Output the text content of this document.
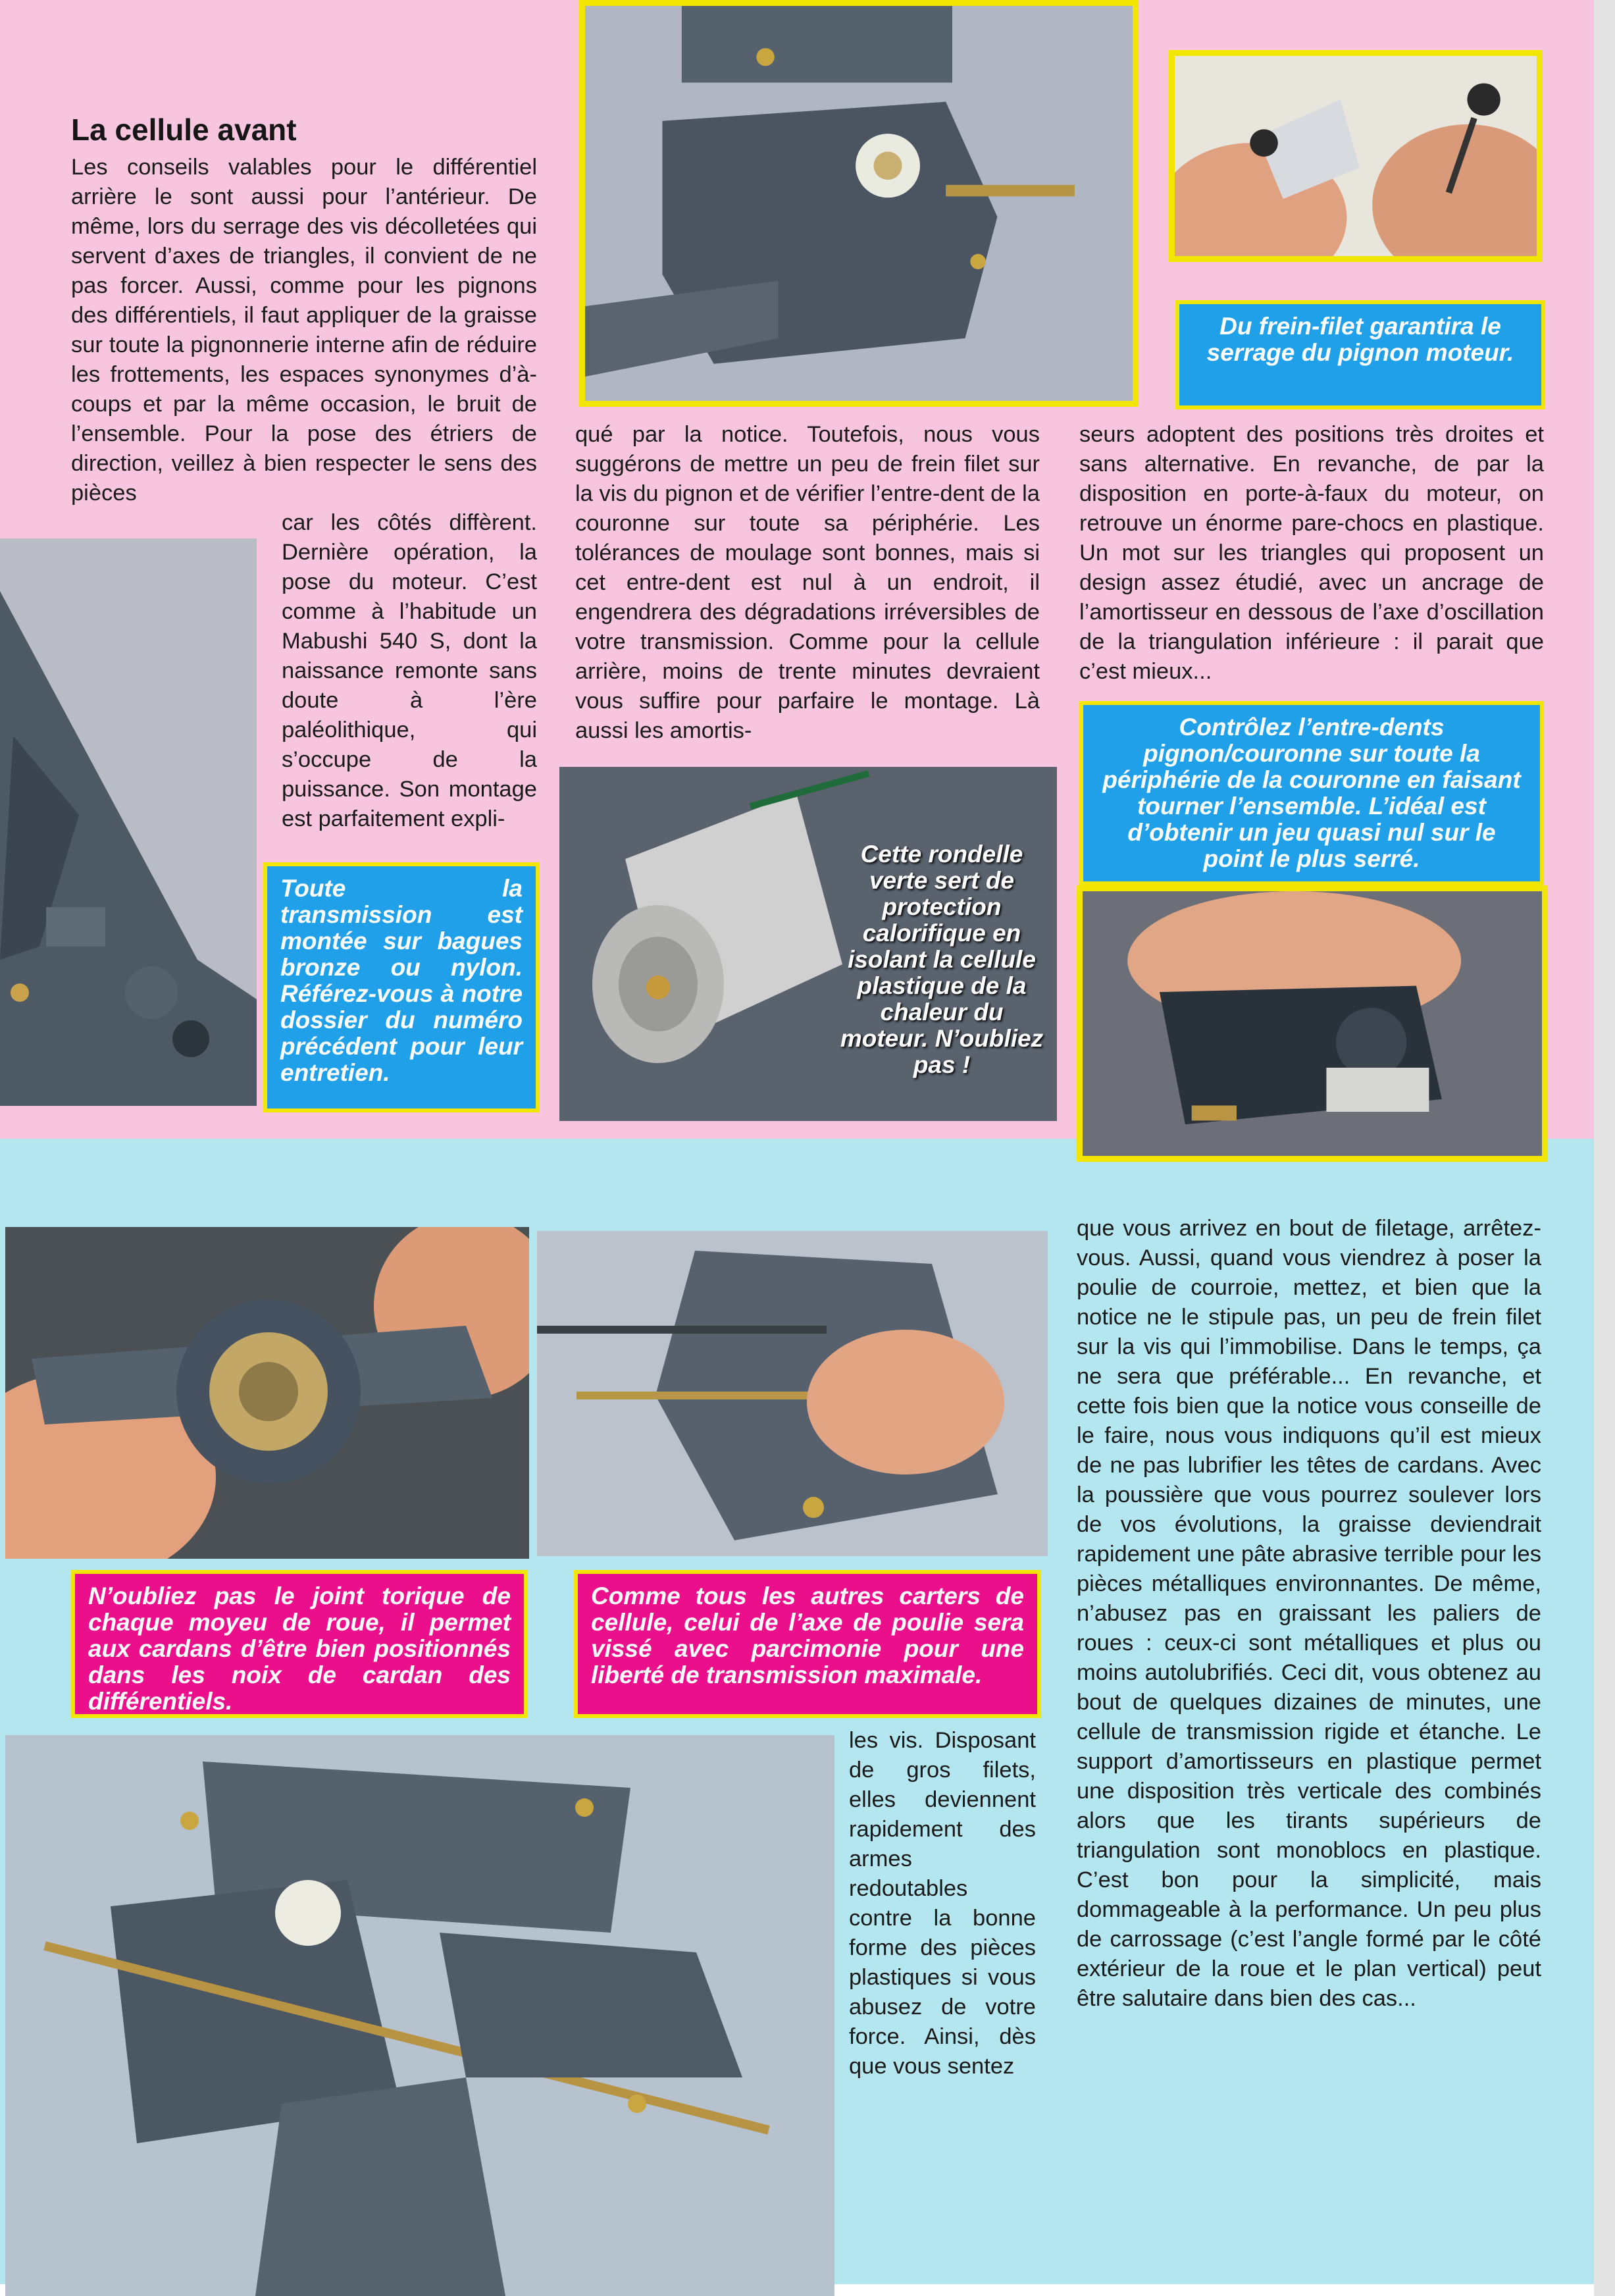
La cellule avant

Les conseils valables pour le différentiel arrière le sont aussi pour l’antérieur. De même, lors du serrage des vis décolletées qui servent d’axes de triangles, il convient de ne pas forcer. Aussi, comme pour les pignons des différentiels, il faut appliquer de la graisse sur toute la pignonnerie interne afin de réduire les frottements, les espaces synonymes d’à-coups et par la même occasion, le bruit de l’ensemble. Pour la pose des étriers de direction, veillez à bien respecter le sens des pièces

car les côtés diffèrent. Dernière opération, la pose du moteur. C’est comme à l’habitude un Mabushi 540 S, dont la naissance remonte sans doute à l’ère paléolithique, qui s’occupe de la puissance. Son montage est parfaitement expli-

Toute la transmission est montée sur bagues bronze ou nylon. Référez-vous à notre dossier du numéro précédent pour leur entretien.
Du frein-filet garantira le serrage du pignon moteur.

qué par la notice. Toutefois, nous vous suggérons de mettre un peu de frein filet sur la vis du pignon et de vérifier l’entre-dent de la couronne sur toute sa périphérie. Les tolérances de moulage sont bonnes, mais si cet entre-dent est nul à un endroit, il engendrera des dégradations irréversibles de votre transmission. Comme pour la cellule arrière, moins de trente minutes devraient vous suffire pour parfaire le montage. Là aussi les amortis-

seurs adoptent des positions très droites et sans alternative. En revanche, de par la disposition en porte-à-faux du moteur, on retrouve un énorme pare-chocs en plastique. Un mot sur les triangles qui proposent un design assez étudié, avec un ancrage de l’amortisseur en dessous de l’axe d’oscillation de la triangulation inférieure : il parait que c’est mieux...

Cette rondelle verte sert de protection calorifique en isolant la cellule plastique de la chaleur du moteur. N’oubliez pas !
Contrôlez l’entre-dents pignon/couronne sur toute la périphérie de la couronne en faisant tourner l’ensemble. L’idéal est d’obtenir un jeu quasi nul sur le point le plus serré.
N’oubliez pas le joint torique de chaque moyeu de roue, il permet aux cardans d’être bien positionnés dans les noix de cardan des différentiels.
Comme tous les autres carters de cellule, celui de l’axe de poulie sera vissé avec parcimonie pour une liberté de transmission maximale.

que vous arrivez en bout de filetage, arrêtez-vous. Aussi, quand vous viendrez à poser la poulie de courroie, mettez, et bien que la notice ne le stipule pas, un peu de frein filet sur la vis qui l’immobilise. Dans le temps, ça ne sera que préférable... En revanche, et cette fois bien que la notice vous conseille de le faire, nous vous indiquons qu’il est mieux de ne pas lubrifier les têtes de cardans. Avec la poussière que vous pourrez soulever lors de vos évolutions, la graisse deviendrait rapidement une pâte abrasive terrible pour les pièces métalliques environnantes. De même, n’abusez pas en graissant les paliers de roues : ceux-ci sont métalliques et plus ou moins autolubrifiés. Ceci dit, vous obtenez au bout de quelques dizaines de minutes, une cellule de transmission rigide et étanche. Le support d’amortisseurs en plastique permet une disposition très verticale des combinés alors que les tirants supérieurs de triangulation sont monoblocs en plastique. C’est bon pour la simplicité, mais dommageable à la performance. Un peu plus de carrossage (c’est l’angle formé par le côté extérieur de la roue et le plan vertical) peut être salutaire dans bien des cas...

les vis. Disposant de gros filets, elles deviennent rapidement des armes redoutables contre la bonne forme des pièces plastiques si vous abusez de votre force. Ainsi, dès que vous sentez
